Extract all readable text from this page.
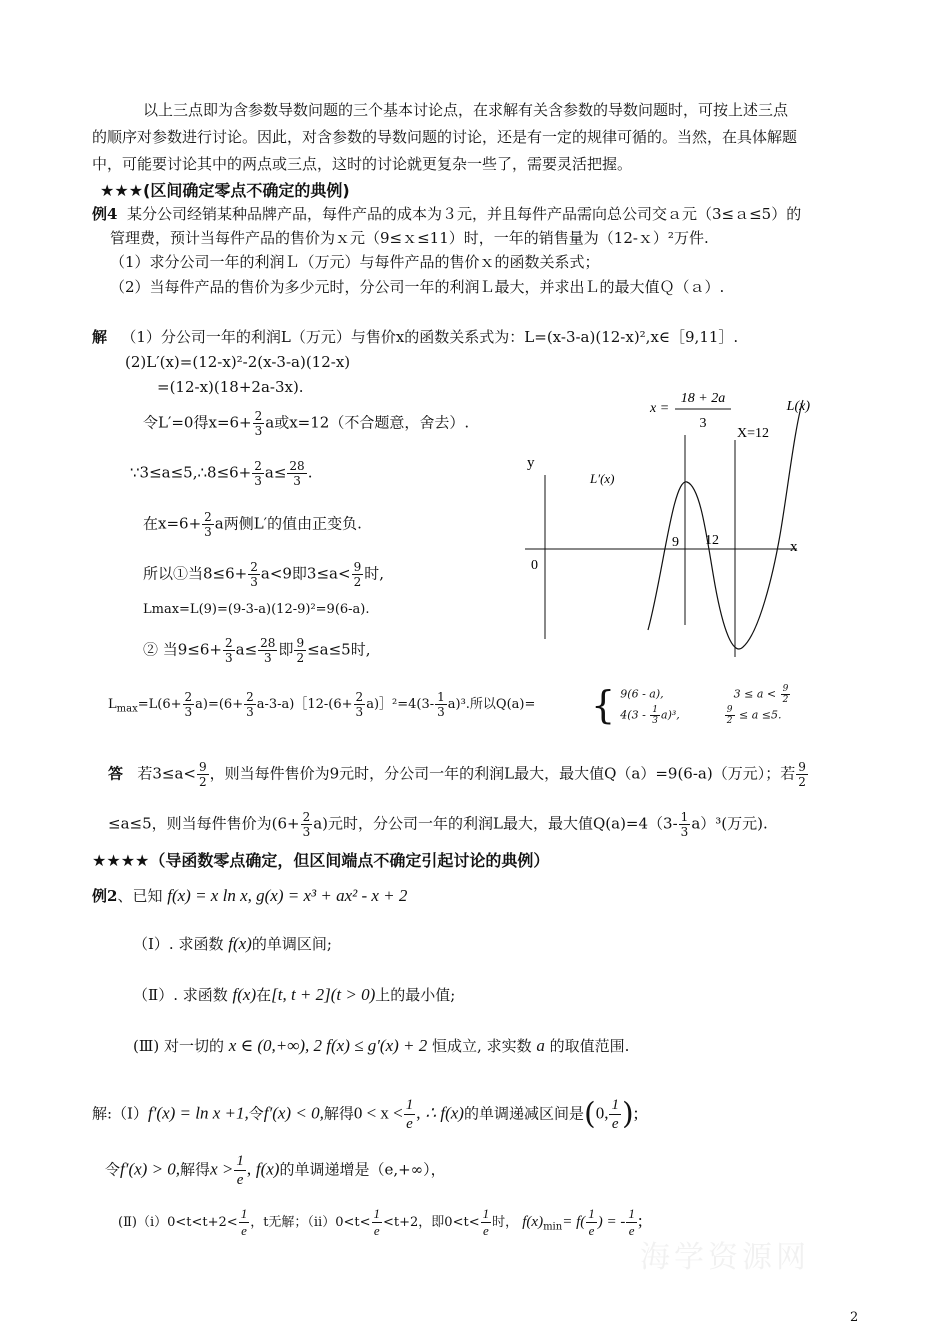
以上三点即为含参数导数问题的三个基本讨论点，在求解有关含参数的导数问题时，可按上述三点
的顺序对参数进行讨论。因此，对含参数的导数问题的讨论，还是有一定的规律可循的。当然，在具体解题
中，可能要讨论其中的两点或三点，这时的讨论就更复杂一些了，需要灵活把握。
★★★(区间确定零点不确定的典例)
例4 某分公司经销某种品牌产品，每件产品的成本为３元，并且每件产品需向总公司交ａ元（3≤ａ≤5）的
管理费，预计当每件产品的售价为ｘ元（9≤ｘ≤11）时，一年的销售量为（12-ｘ）²万件.
（1）求分公司一年的利润Ｌ（万元）与每件产品的售价ｘ的函数关系式；
（2）当每件产品的售价为多少元时，分公司一年的利润Ｌ最大，并求出Ｌ的最大值Ｑ（ａ）.
解 （1）分公司一年的利润L（万元）与售价x的函数关系式为：L=(x-3-a)(12-x)²,x∈［9,11］.
(2)L′(x)=(12-x)²-2(x-3-a)(12-x)
=(12-x)(18+2a-3x).
令L′=0得$x=6+ \frac{2}{3}$ a或x=12（不合题意，舍去）.
∵3≤a≤5,∴8≤6+ $\frac{2}{3} a\le \frac{28}{3}$ .
在$x=6+ \frac{2}{3}$ a两侧L′的值由正变负.
所以①当$8\le 6+ \frac{2}{3} a<9$即$3\le a< \frac{9}{2}$ 时,
Lmax=L(9)=(9-3-a)(12-9)²=9(6-a).
② 当$9\le 6+ \frac{2}{3} a\le \frac{28}{3}$ 即 $\frac{9}{2} \le a\le 5$时,
$L_{max}=L(6+ \frac{2}{3} a)=(6+ \frac{2}{3}$ a-3-a)［12-(6+ $\frac{2}{3}$ a)］²=4(3- $\frac{1}{3} a)^3$.所以Q(a)= { 9(6 - a),	$3 \le a < \frac{9}{2}$
$4(3 - \frac{1}{3} a)^3$,	$\frac{9}{2} \le a \le 5$.
答 若$3\le a< \frac{9}{2}$ ，则当每件售价为9元时，分公司一年的利润L最大，最大值Q（a）=9(6-a)（万元）；若 $\frac{9}{2}$
≤a≤5，则当每件售价为$(6+ \frac{2}{3} a)$元时，分公司一年的利润L最大，最大值$Q(a)=4(3- \frac{1}{3} a)^3$(万元).
★★★★（导函数零点确定，但区间端点不确定引起讨论的典例）
例2、已知 f(x) = x ln x, g(x) = x³ + ax² - x + 2
（Ⅰ）. 求函数 f(x)的单调区间;
（Ⅱ）. 求函数 f(x)在[t, t + 2](t > 0)上的最小值;
(Ⅲ) 对一切的 x ∈ (0,+∞), 2 f(x) ≤ g′(x) + 2 恒成立, 求实数 a 的取值范围.
解:（Ⅰ）f′(x) = ln x +1,令f′(x) < 0,解得$0 < x < \frac{1}{e}$ , ∴ f(x)的单调递减区间是(0, $\frac{1}{e}$ );
令f′(x) > 0,解得$x > \frac{1}{e}$ , f(x)的单调递增是（e,+∞），
(Ⅱ)（ⅰ）0<t<t+2< $\frac{1}{e}$ ，t无解；（ⅱ）0<t< $\frac{1}{e} <t+2$，即$0<t< \frac{1}{e}$ 时， $f(x)_{min}= f( \frac{1}{e}$ ) = - $\frac{1}{e}$ ;
x
y
0
9 12
L′(x)
L(x)
X=12
x =
18 + 2a
3
海学资源网
2
